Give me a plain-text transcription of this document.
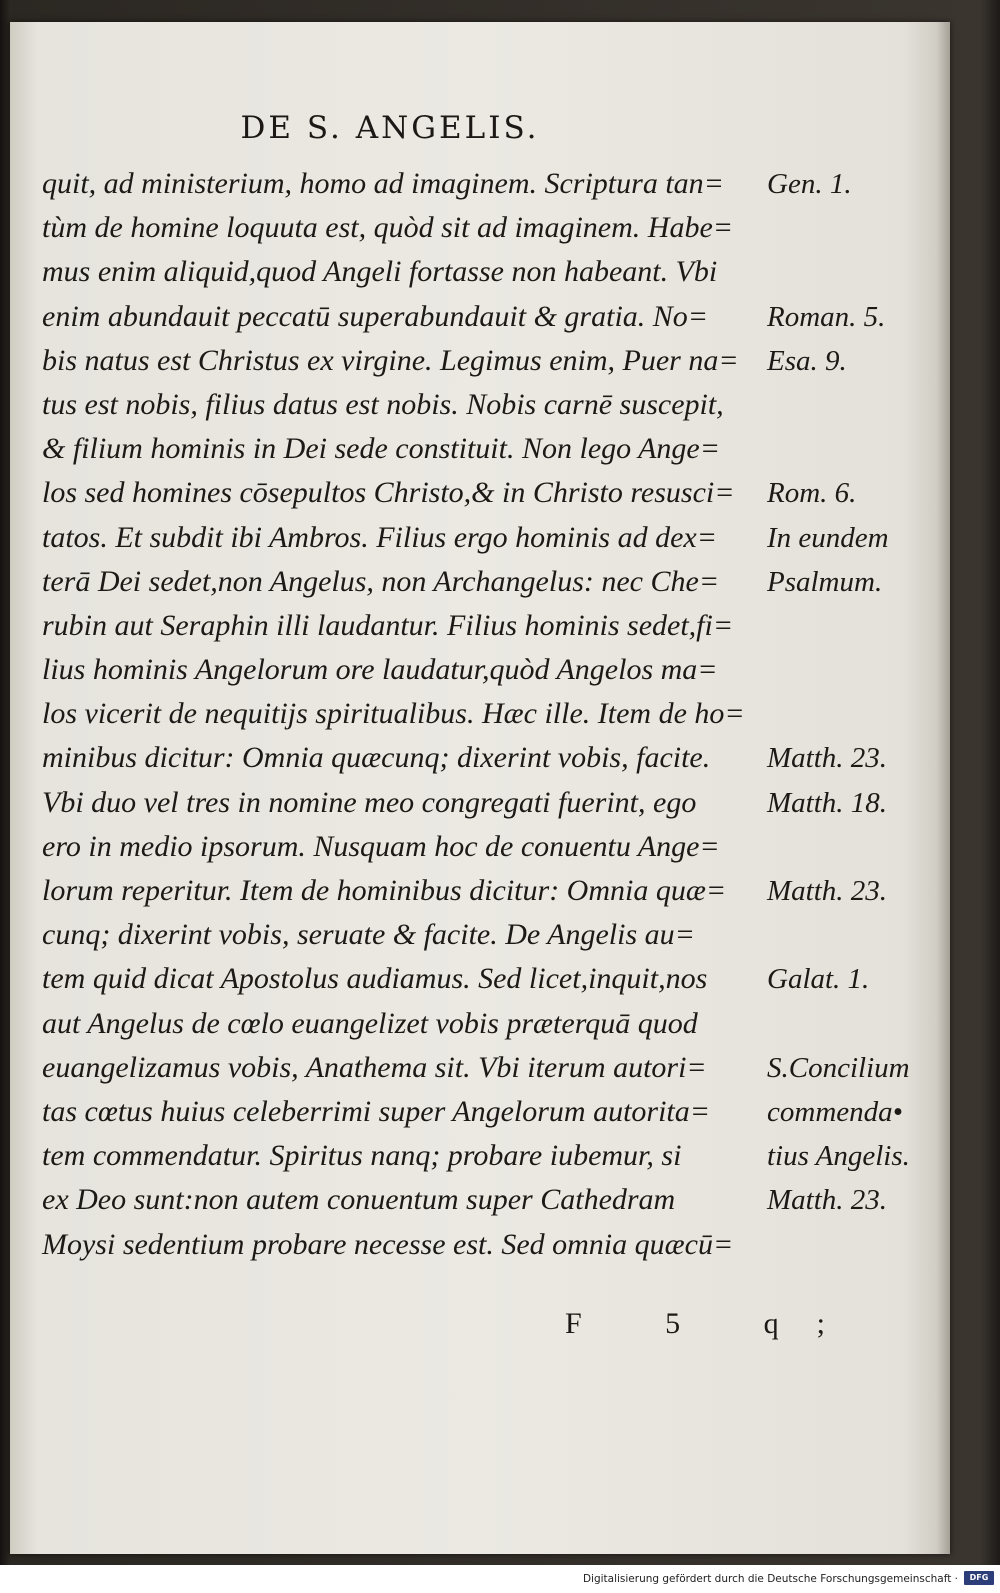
DE S. ANGELIS.
quit, ad ministerium, homo ad imaginem. Scriptura tan=
tùm de homine loquuta est, quòd sit ad imaginem. Habe=
mus enim aliquid,quod Angeli fortasse non habeant. Vbi
enim abundauit peccatū superabundauit & gratia. No=
bis natus est Christus ex virgine. Legimus enim, Puer na=
tus est nobis, filius datus est nobis. Nobis carnē suscepit,
& filium hominis in Dei sede constituit. Non lego Ange=
los sed homines cōsepultos Christo,& in Christo resusci=
tatos. Et subdit ibi Ambros. Filius ergo hominis ad dex=
terā Dei sedet,non Angelus, non Archangelus: nec Che=
rubin aut Seraphin illi laudantur. Filius hominis sedet,fi=
lius hominis Angelorum ore laudatur,quòd Angelos ma=
los vicerit de nequitijs spiritualibus. Hæc ille. Item de ho=
minibus dicitur: Omnia quæcunq; dixerint vobis, facite.
Vbi duo vel tres in nomine meo congregati fuerint, ego
ero in medio ipsorum. Nusquam hoc de conuentu Ange=
lorum reperitur. Item de hominibus dicitur: Omnia quæ=
cunq; dixerint vobis, seruate & facite. De Angelis au=
tem quid dicat Apostolus audiamus. Sed licet,inquit,nos
aut Angelus de cœlo euangelizet vobis præterquā quod
euangelizamus vobis, Anathema sit. Vbi iterum autori=
tas cœtus huius celeberrimi super Angelorum autorita=
tem commendatur. Spiritus nanq; probare iubemur, si
ex Deo sunt:non autem conuentum super Cathedram
Moysi sedentium probare necesse est. Sed omnia quæcū=
Gen. 1.
Roman. 5.
Esa. 9.
Rom. 6.
In eundem
Psalmum.
Matth. 23.
Matth. 18.
Matth. 23.
Galat. 1.
S.Concilium
commenda•
tius Angelis.
Matth. 23.
F 5 q;
Digitalisierung gefördert durch die Deutsche Forschungsgemeinschaft ·	DFG
